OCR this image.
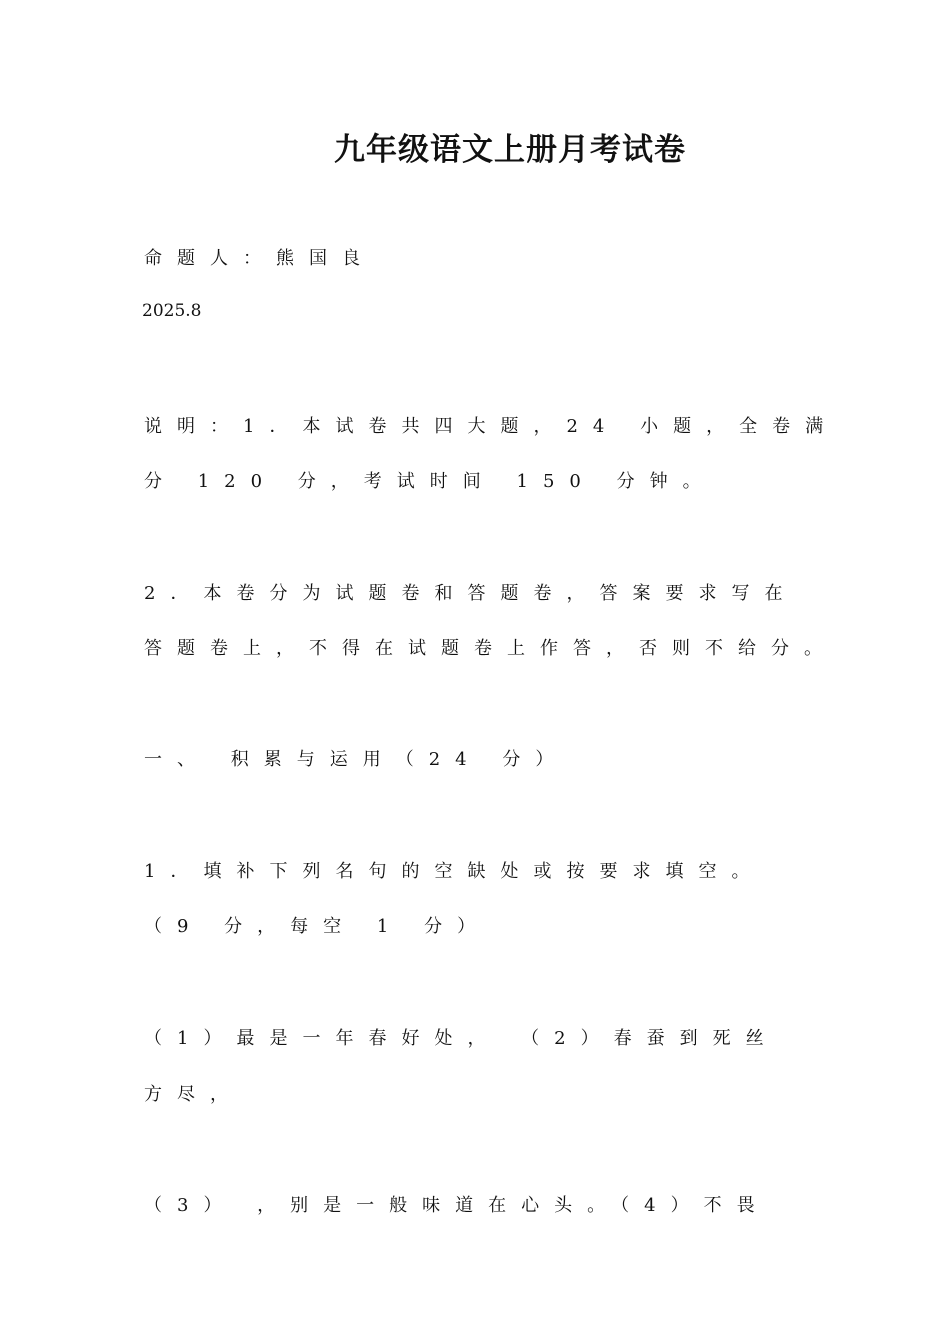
九年级语文上册月考试卷
命题人：熊国良
2025.8
说明：1．本试卷共四大题，24 小题，全卷满
分 120 分，考试时间 150 分钟。
2．本卷分为试题卷和答题卷，答案要求写在
答题卷上，不得在试题卷上作答，否则不给分。
一、 积累与运用（24 分）
1．填补下列名句的空缺处或按要求填空。
（9 分，每空 1 分）
（1）最是一年春好处， （2）春蚕到死丝
方尽，
（3） ，别是一般味道在心头。（4）不畏
